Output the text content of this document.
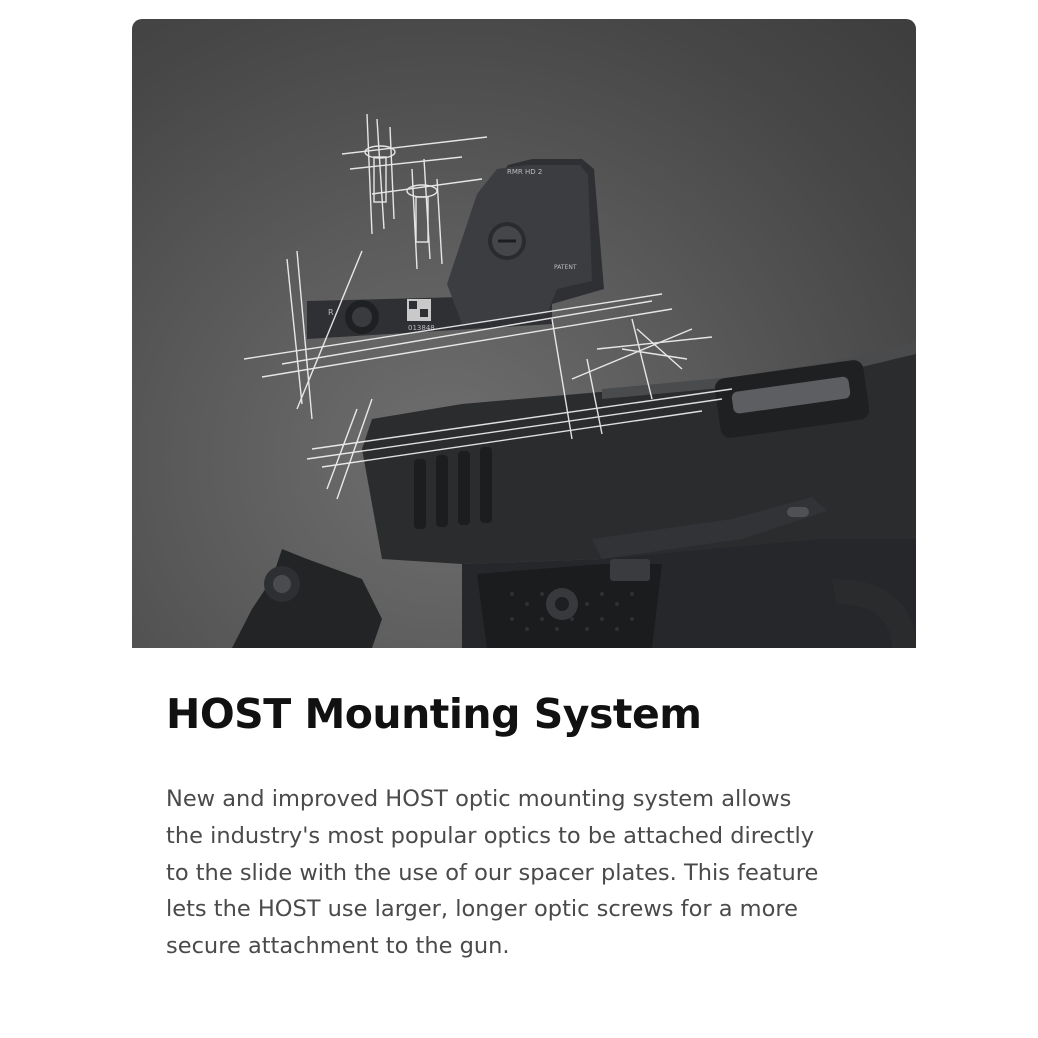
RMR HD 2
PATENT
013848
R
HOST Mounting System

New and improved HOST optic mounting system allows
the industry's most popular optics to be attached directly
to the slide with the use of our spacer plates. This feature
lets the HOST use larger, longer optic screws for a more
secure attachment to the gun.
